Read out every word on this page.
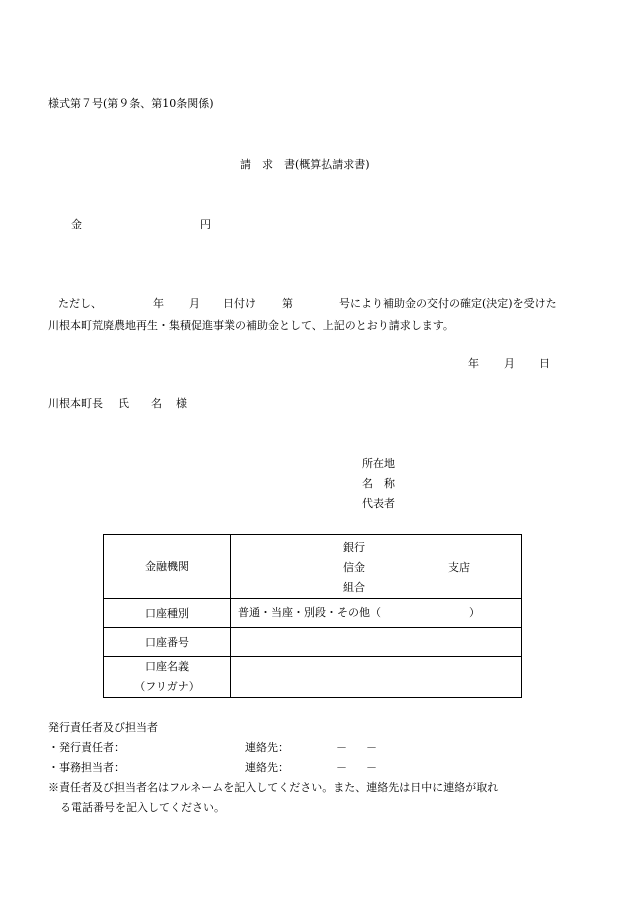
様式第７号(第９条、第10条関係)
請　求　書(概算払請求書)
金	円
ただし、	年 月 日付け 第	号により補助金の交付の確定(決定)を受けた
川根本町荒廃農地再生・集積促進事業の補助金として、上記のとおり請求します。
年 月 日
川根本町長 氏　　名 様
所在地
名　称
代表者
金融機関	銀行
信金
組合
支店

口座種別	普通・当座・別段・その他（ ）

口座番号	

口座名義
（フリガナ）	

発行責任者及び担当者
・発行責任者：	連絡先：	－ －
・事務担当者：	連絡先：	－ －
※責任者及び担当者名はフルネームを記入してください。また、連絡先は日中に連絡が取れ
る電話番号を記入してください。
